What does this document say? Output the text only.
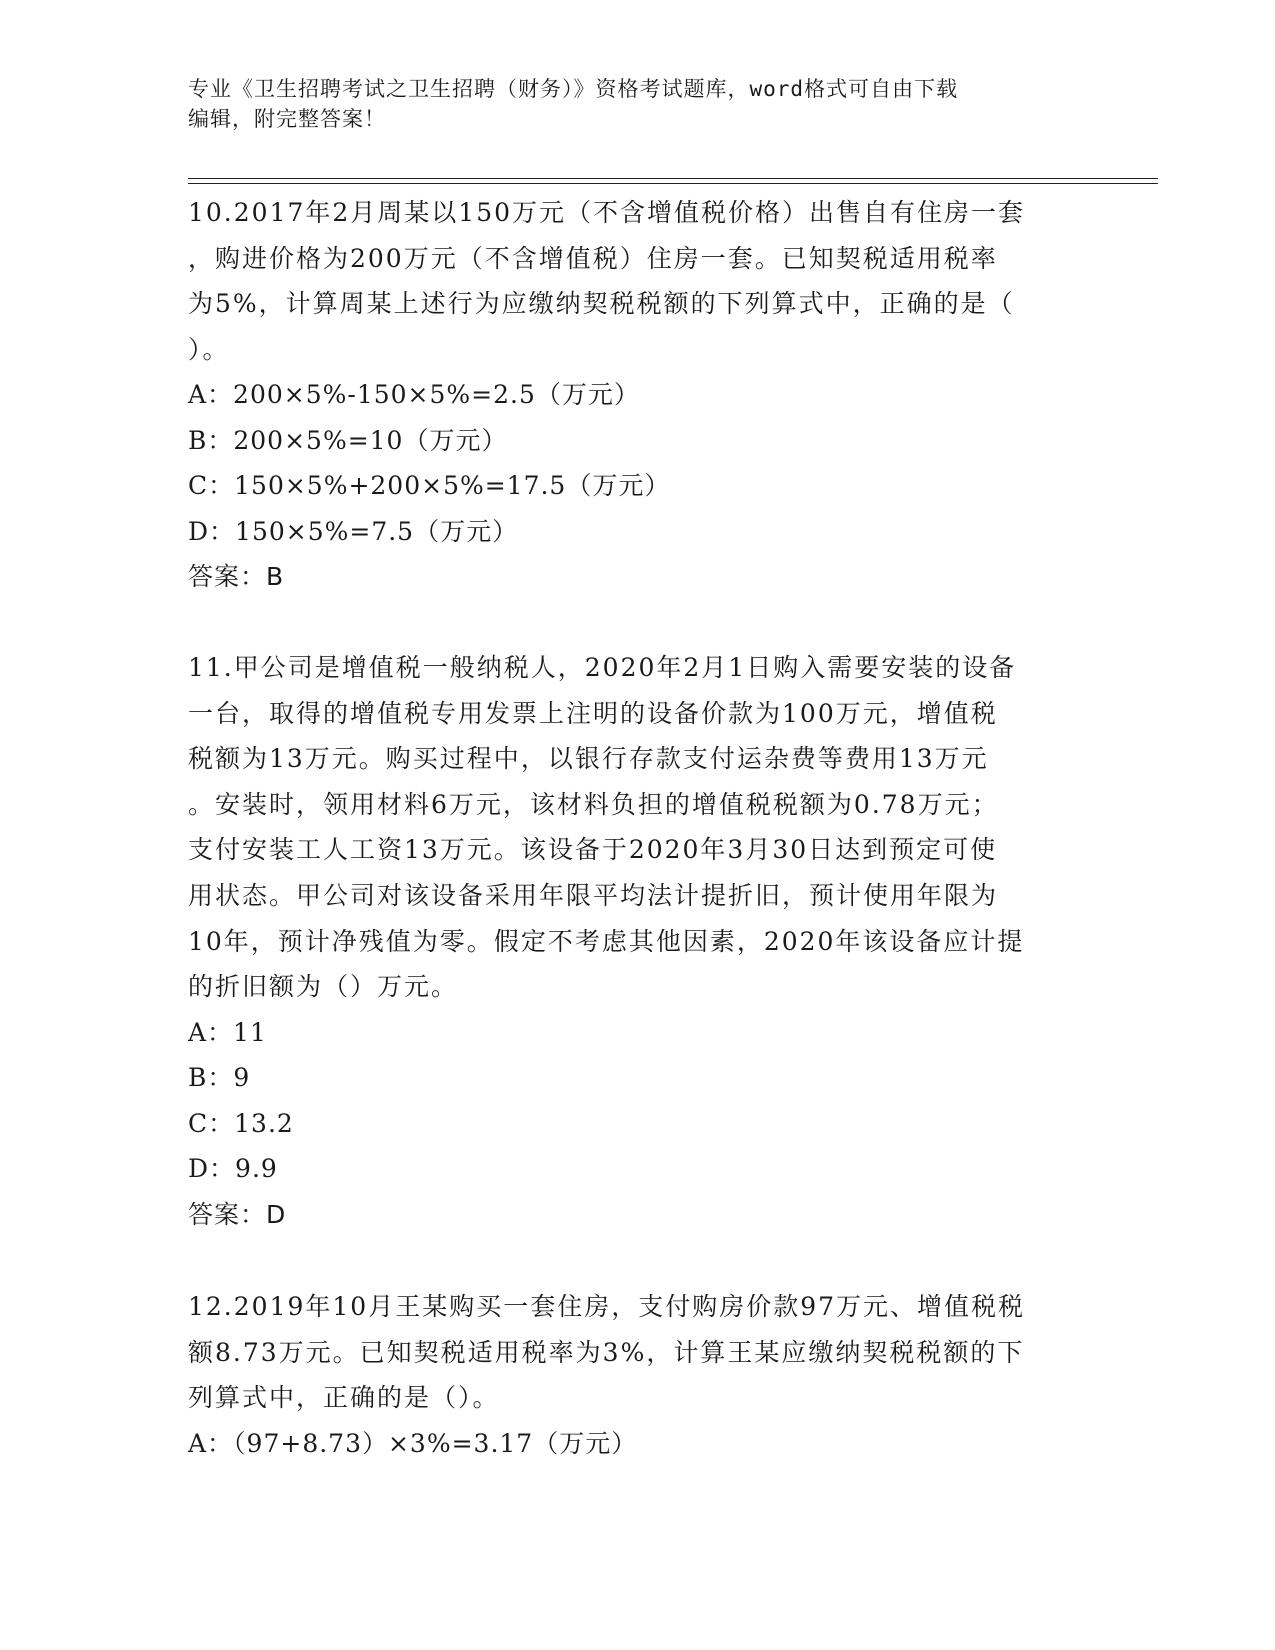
专业《卫生招聘考试之卫生招聘（财务）》资格考试题库，word格式可自由下载
编辑，附完整答案！

10.2017年2月周某以150万元（不含增值税价格）出售自有住房一套

，购进价格为200万元（不含增值税）住房一套。已知契税适用税率

为5%，计算周某上述行为应缴纳契税税额的下列算式中，正确的是（

）。

A：200×5%-150×5%=2.5（万元）

B：200×5%=10（万元）

C：150×5%+200×5%=17.5（万元）

D：150×5%=7.5（万元）

答案：B

11.甲公司是增值税一般纳税人，2020年2月1日购入需要安装的设备

一台，取得的增值税专用发票上注明的设备价款为100万元，增值税

税额为13万元。购买过程中，以银行存款支付运杂费等费用13万元

。安装时，领用材料6万元，该材料负担的增值税税额为0.78万元；

支付安装工人工资13万元。该设备于2020年3月30日达到预定可使

用状态。甲公司对该设备采用年限平均法计提折旧，预计使用年限为

10年，预计净残值为零。假定不考虑其他因素，2020年该设备应计提

的折旧额为（）万元。

A：11

B：9

C：13.2

D：9.9

答案：D

12.2019年10月王某购买一套住房，支付购房价款97万元、增值税税

额8.73万元。已知契税适用税率为3%，计算王某应缴纳契税税额的下

列算式中，正确的是（）。

A：（97+8.73）×3%=3.17（万元）
